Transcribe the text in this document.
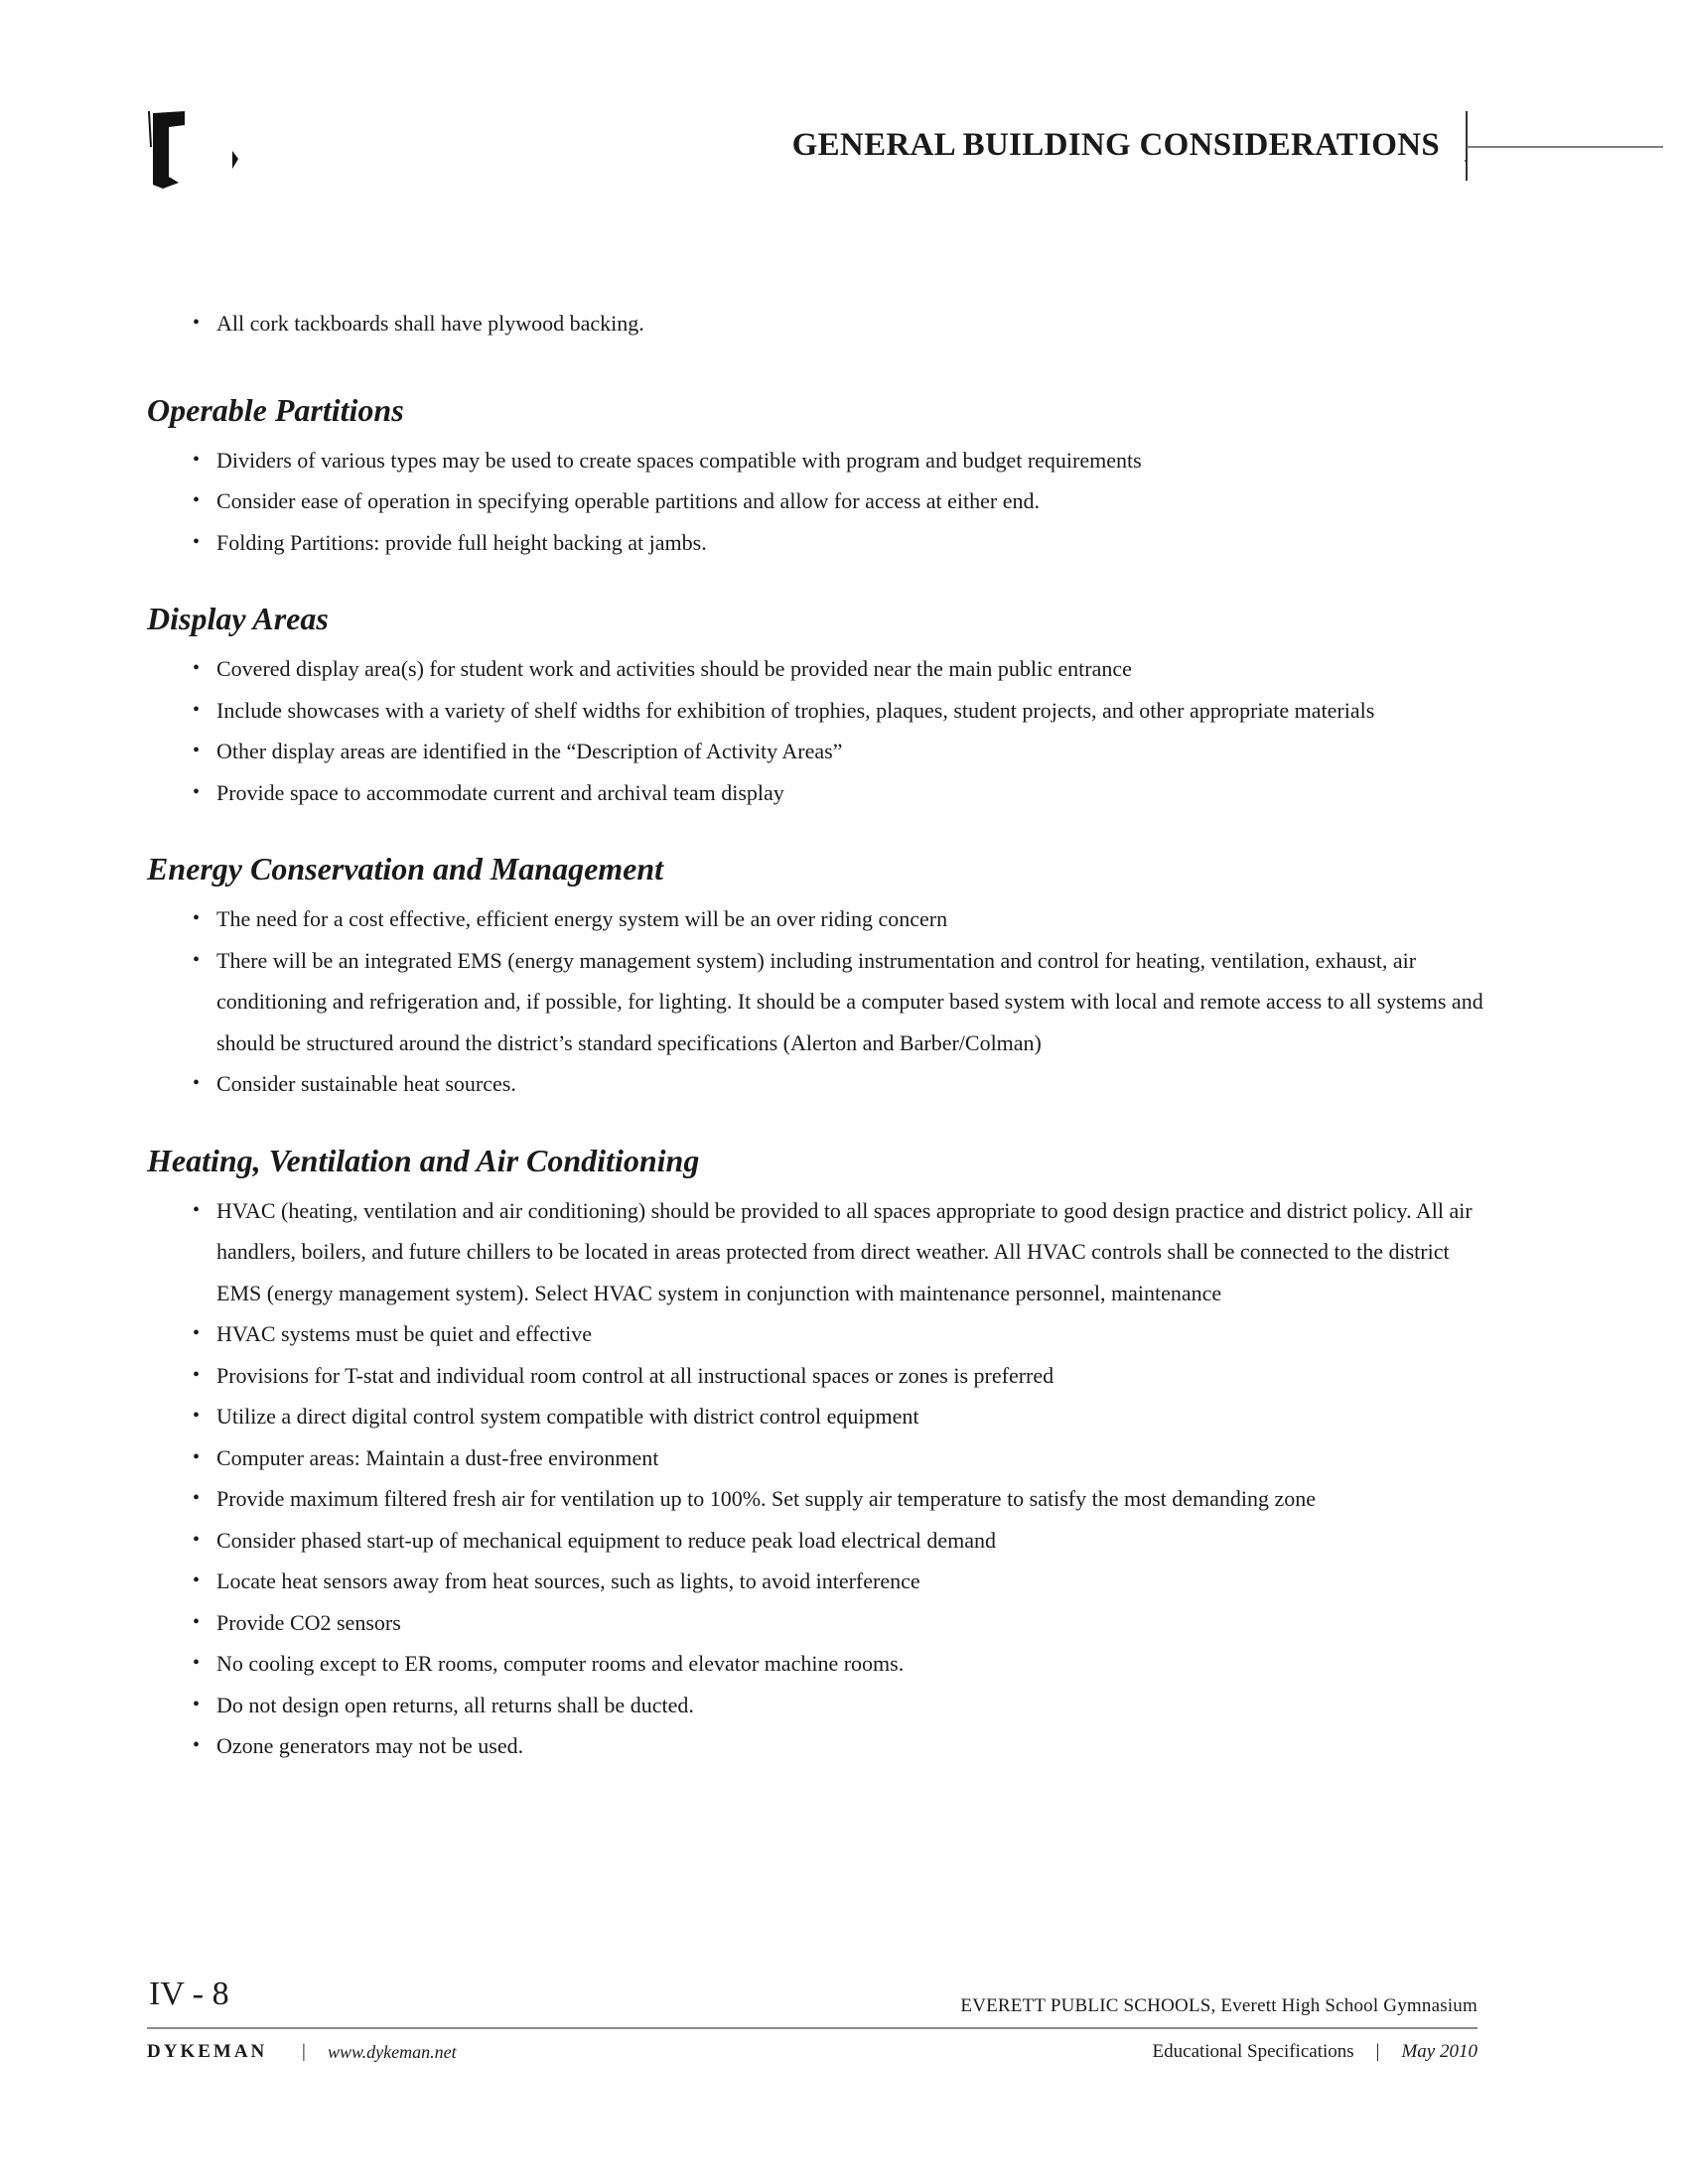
GENERAL BUILDING CONSIDERATIONS
• All cork tackboards shall have plywood backing.
Operable Partitions
• Dividers of various types may be used to create spaces compatible with program and budget requirements
• Consider ease of operation in specifying operable partitions and allow for access at either end.
• Folding Partitions: provide full height backing at jambs.
Display Areas
• Covered display area(s) for student work and activities should be provided near the main public entrance
• Include showcases with a variety of shelf widths for exhibition of trophies, plaques, student projects, and other appropriate materials
• Other display areas are identified in the “Description of Activity Areas”
• Provide space to accommodate current and archival team display
Energy Conservation and Management
• The need for a cost effective, efficient energy system will be an over riding concern
• There will be an integrated EMS (energy management system) including instrumentation and control for heating, ventilation, exhaust, air conditioning and refrigeration and, if possible, for lighting. It should be a computer based system with local and remote access to all systems and should be structured around the district’s standard specifications (Alerton and Barber/Colman)
• Consider sustainable heat sources.
Heating, Ventilation and Air Conditioning
• HVAC (heating, ventilation and air conditioning) should be provided to all spaces appropriate to good design practice and district policy. All air handlers, boilers, and future chillers to be located in areas protected from direct weather. All HVAC controls shall be connected to the district EMS (energy management system). Select HVAC system in conjunction with maintenance personnel, maintenance
• HVAC systems must be quiet and effective
• Provisions for T-stat and individual room control at all instructional spaces or zones is preferred
• Utilize a direct digital control system compatible with district control equipment
• Computer areas: Maintain a dust-free environment
• Provide maximum filtered fresh air for ventilation up to 100%. Set supply air temperature to satisfy the most demanding zone
• Consider phased start-up of mechanical equipment to reduce peak load electrical demand
• Locate heat sensors away from heat sources, such as lights, to avoid interference
• Provide CO2 sensors
• No cooling except to ER rooms, computer rooms and elevator machine rooms.
• Do not design open returns, all returns shall be ducted.
• Ozone generators may not be used.
IV - 8	EVERETT PUBLIC SCHOOLS, Everett High School Gymnasium
DYKEMAN | www.dykeman.net	Educational Specifications | May 2010
